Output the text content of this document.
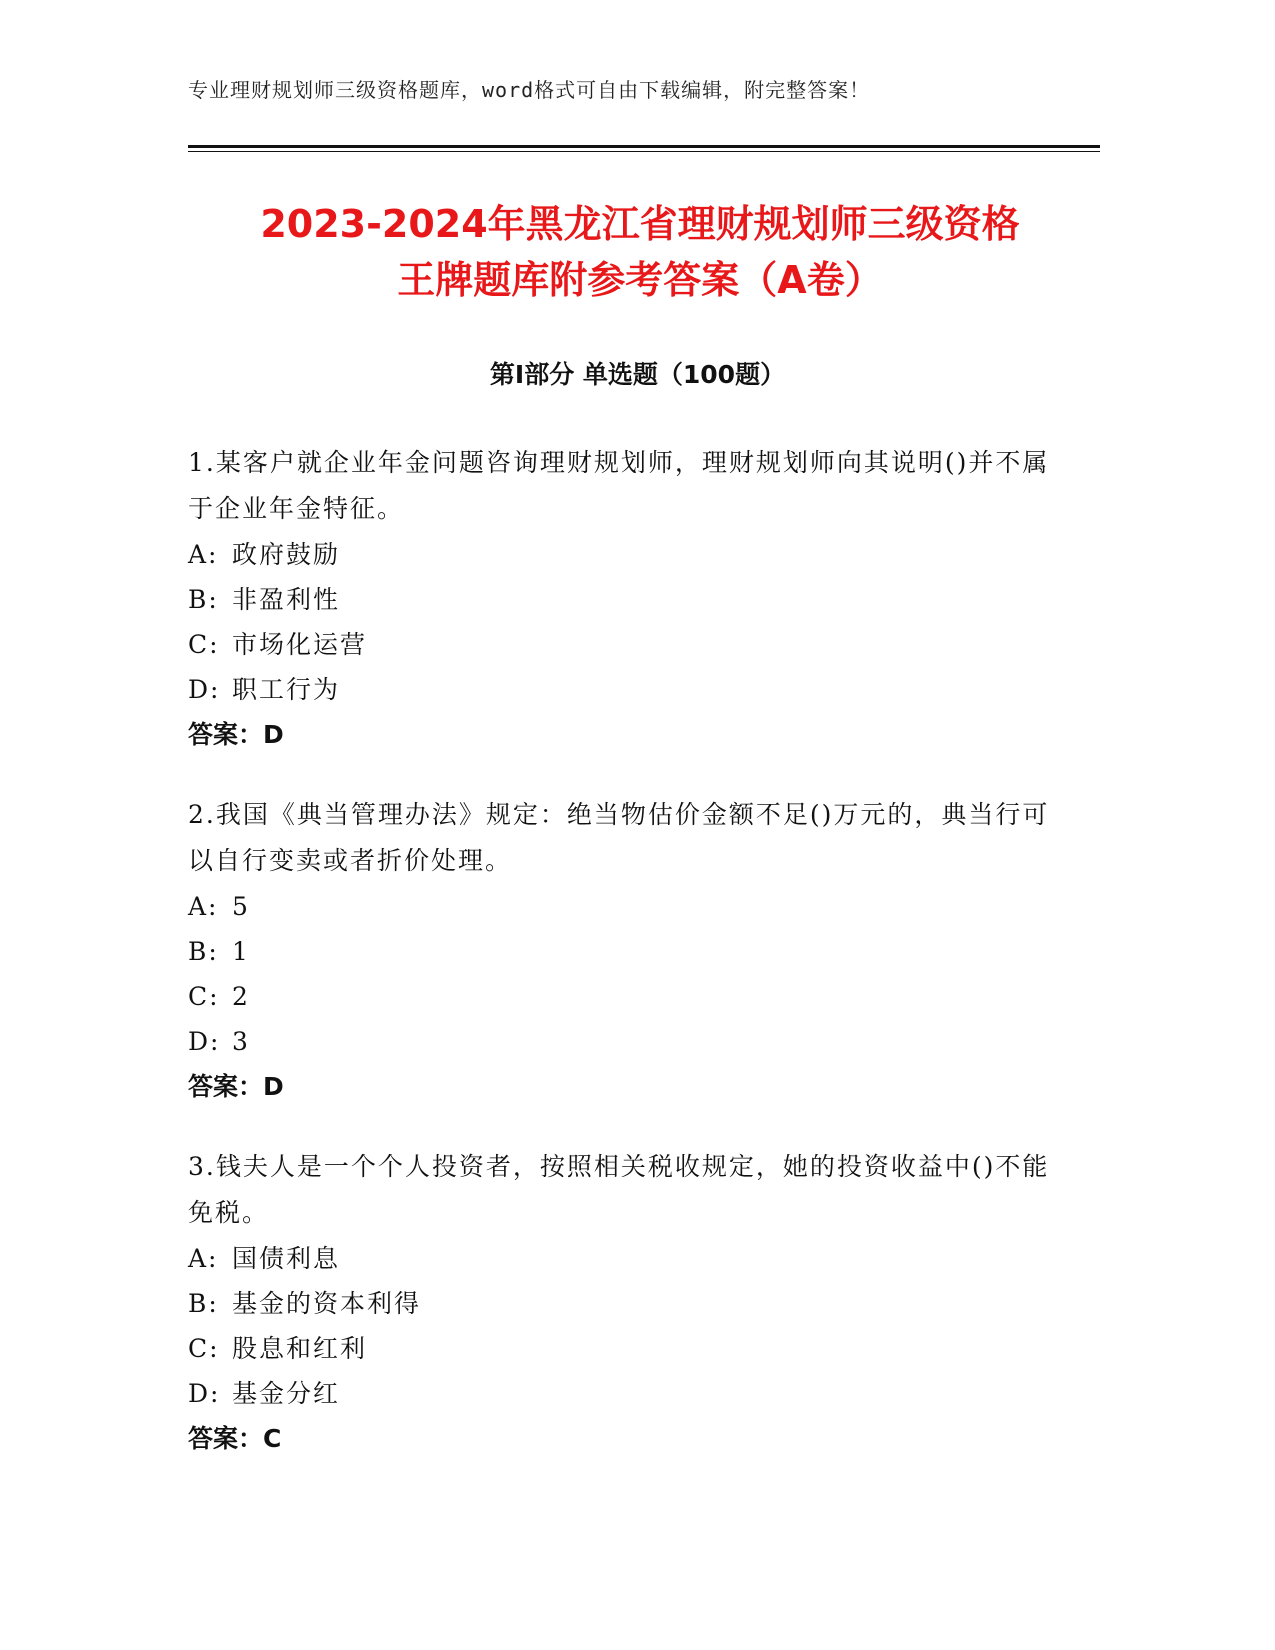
专业理财规划师三级资格题库，word格式可自由下载编辑，附完整答案！
2023-2024年黑龙江省理财规划师三级资格
王牌题库附参考答案（A卷）
第Ⅰ部分 单选题（100题）

1.某客户就企业年金问题咨询理财规划师，理财规划师向其说明()并不属于企业年金特征。

A: 政府鼓励
B: 非盈利性
C: 市场化运营
D: 职工行为
答案：D

2.我国《典当管理办法》规定：绝当物估价金额不足()万元的，典当行可以自行变卖或者折价处理。

A: 5
B: 1
C: 2
D: 3
答案：D

3.钱夫人是一个个人投资者，按照相关税收规定，她的投资收益中()不能免税。

A: 国债利息
B: 基金的资本利得
C: 股息和红利
D: 基金分红
答案：C
